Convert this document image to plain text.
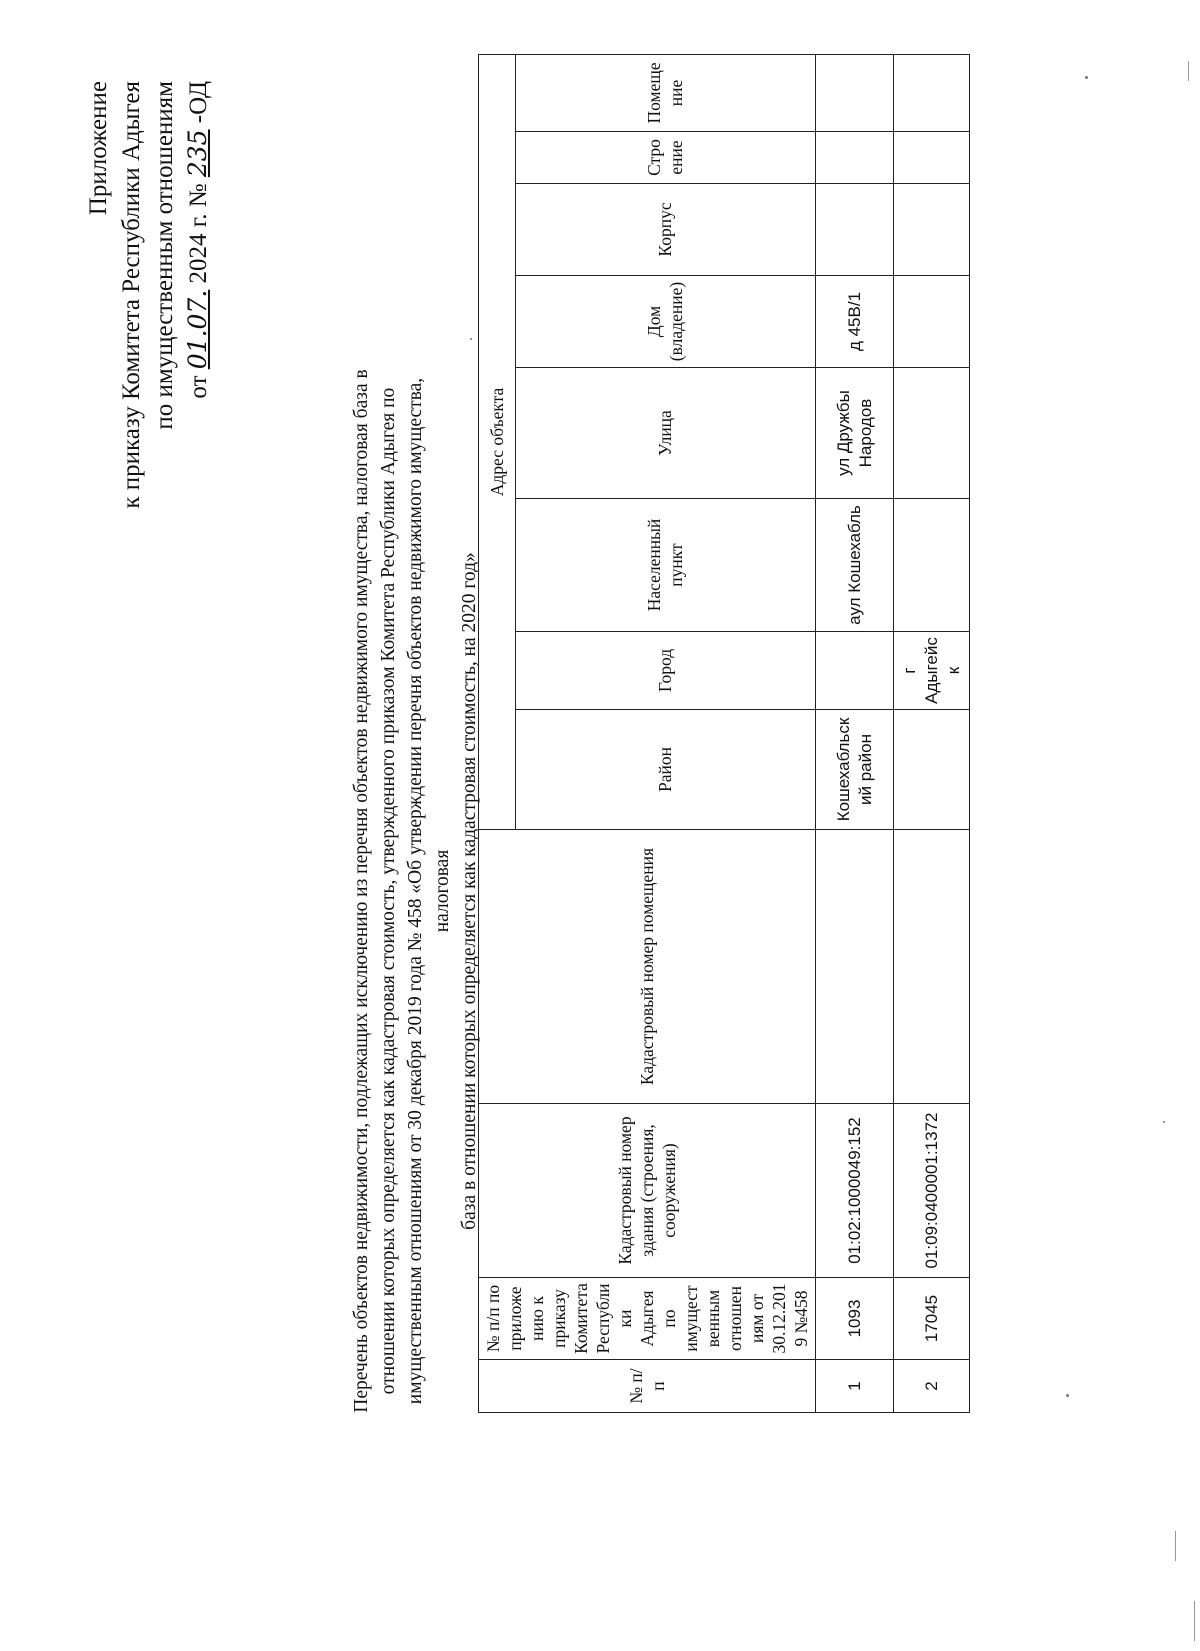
Приложение к приказу Комитета Республики Адыгея по имущественным отношениям от 01.07. 2024 г. № 235 -ОД
Перечень объектов недвижимости, подлежащих исключению из перечня объектов недвижимого имущества, налоговая база в отношении которых определяется как кадастровая стоимость, утвержденного приказом Комитета Республики Адыгея по имущественным отношениям от 30 декабря 2019 года № 458 «Об утверждении перечня объектов недвижимого имущества, налоговая база в отношении которых определяется как кадастровая стоимость, на 2020 год»
№ п/п	№ п/п по приложению к приказу Комитета Республики Адыгея по имущественным отношениям от 30.12.2019 №458	Кадастровый номер здания (строения, сооружения)	Кадастровый номер помещения	Адрес объекта							
				Район	Город	Населенный пункт	Улица	Дом (владение)	Корпус	Строение	Помещение
1	1093	01:02:1000049:152		Кошехабльский район		аул Кошехабль	ул Дружбы Народов	д 45В/1			
2	17045	01:09:0400001:1372			г Адыгейск						
